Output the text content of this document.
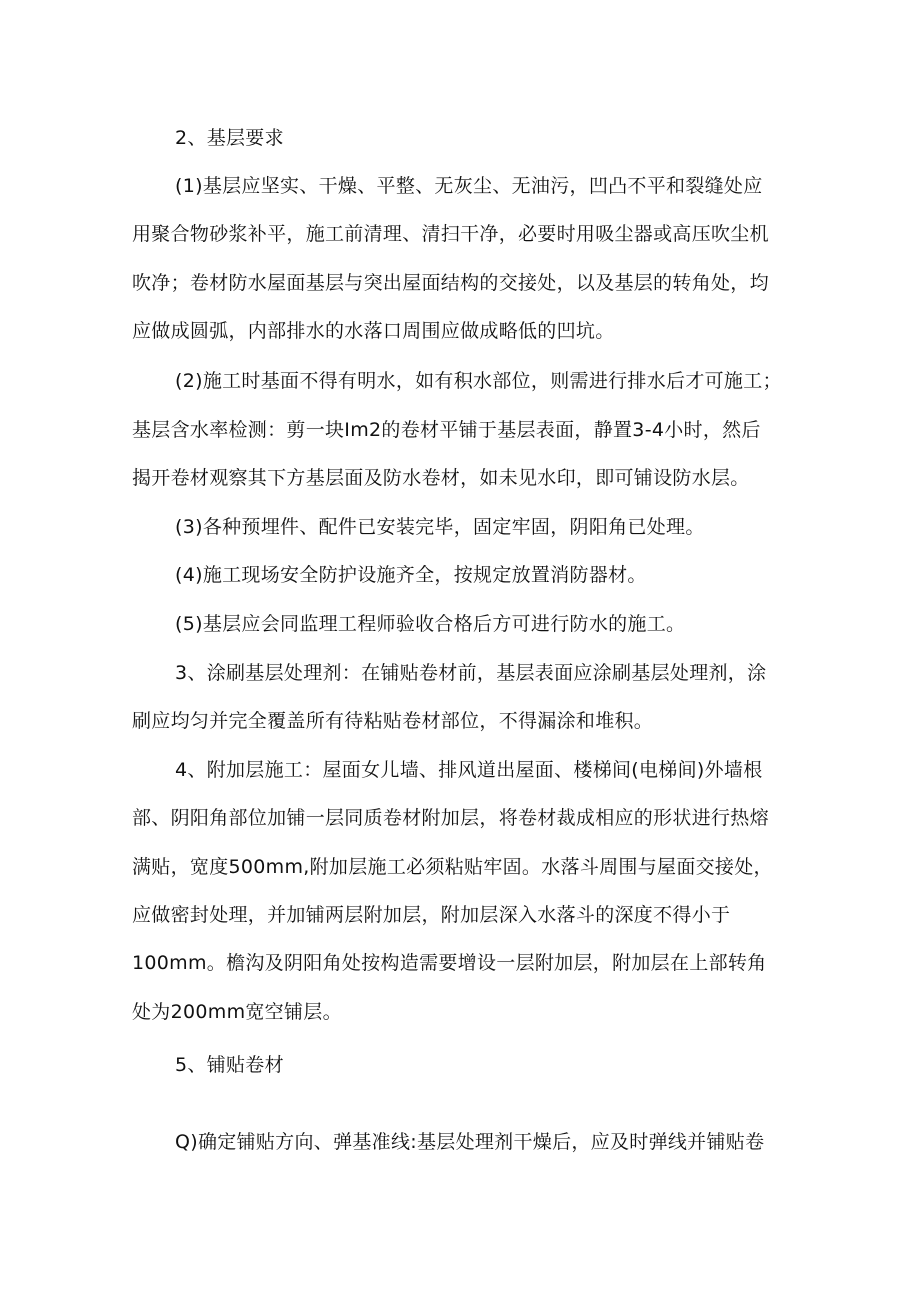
2、基层要求
(1)基层应坚实、干燥、平整、无灰尘、无油污，凹凸不平和裂缝处应
用聚合物砂浆补平，施工前清理、清扫干净，必要时用吸尘器或高压吹尘机
吹净；卷材防水屋面基层与突出屋面结构的交接处，以及基层的转角处，均
应做成圆弧，内部排水的水落口周围应做成略低的凹坑。
(2)施工时基面不得有明水，如有积水部位，则需进行排水后才可施工；
基层含水率检测：剪一块Im2的卷材平铺于基层表面，静置3-4小时，然后
揭开卷材观察其下方基层面及防水卷材，如未见水印，即可铺设防水层。
(3)各种预埋件、配件已安装完毕，固定牢固，阴阳角已处理。
(4)施工现场安全防护设施齐全，按规定放置消防器材。
(5)基层应会同监理工程师验收合格后方可进行防水的施工。
3、涂刷基层处理剂：在铺贴卷材前，基层表面应涂刷基层处理剂，涂
刷应均匀并完全覆盖所有待粘贴卷材部位，不得漏涂和堆积。
4、附加层施工：屋面女儿墙、排风道出屋面、楼梯间(电梯间)外墙根
部、阴阳角部位加铺一层同质卷材附加层，将卷材裁成相应的形状进行热熔
满贴，宽度500mm,附加层施工必须粘贴牢固。水落斗周围与屋面交接处，
应做密封处理，并加铺两层附加层，附加层深入水落斗的深度不得小于
100mm。檐沟及阴阳角处按构造需要增设一层附加层，附加层在上部转角
处为200mm宽空铺层。
5、铺贴卷材
Q)确定铺贴方向、弹基准线:基层处理剂干燥后，应及时弹线并铺贴卷
